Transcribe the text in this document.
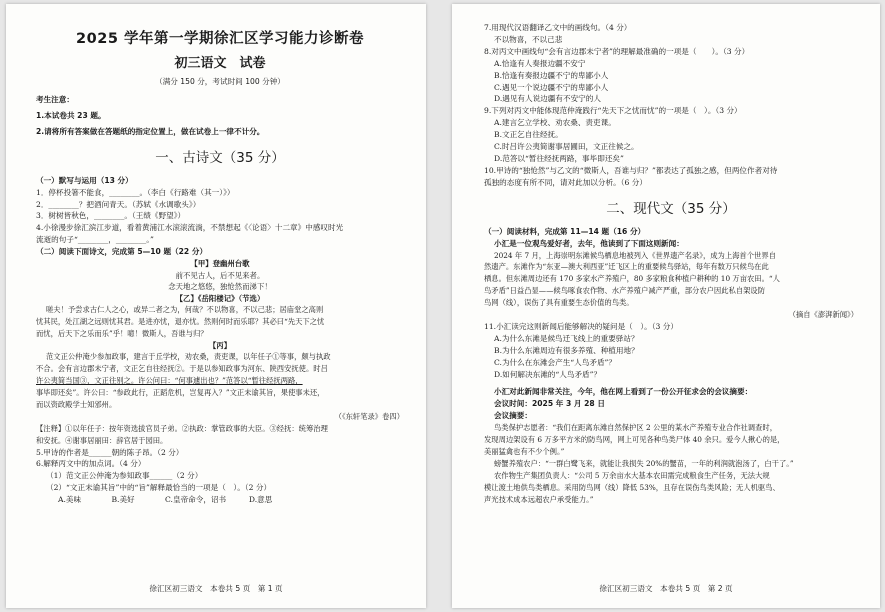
2025 学年第一学期徐汇区学习能力诊断卷
初三语文　试卷
（满分 150 分，考试时间 100 分钟）
考生注意：
1.本试卷共 23 题。
2.请将所有答案做在答题纸的指定位置上，做在试卷上一律不计分。
一、古诗文（35 分）
（一）默写与运用（13 分）
1．停杯投箸不能食，________。（李白《行路难（其一）》）
2．________？把酒问青天。（苏轼《水调歌头》）
3．树树皆秋色，________。（王绩《野望》）
4.小徐漫步徐汇滨江步道，看着黄浦江水滚滚流淌，不禁想起《〈论语〉十二章》中感叹时光
流逝的句子“________，________。”
（二）阅读下面诗文，完成第 5—10 题（22 分）
【甲】登幽州台歌
前不见古人，后不见来者。
念天地之悠悠，独怆然而涕下！
【乙】《岳阳楼记》（节选）
嗟夫！予尝求古仁人之心，或异二者之为，何哉？不以物喜，不以己悲；居庙堂之高则
忧其民，处江湖之远则忧其君。是进亦忧，退亦忧。然则何时而乐耶？其必曰“先天下之忧
而忧，后天下之乐而乐”乎！噫！微斯人，吾谁与归？
【丙】
范文正公仲淹少参加政事，建言于丘学校，劝农桑，责吏课，以年任子①等事，颇与执政
不合。会有言边郡未宁者，文正乞自往经抚②。于是以参知政事为河东、陕西安抚使。时吕
许公夷简当国③，文正往别之。许公问曰：“何事遽出也？”范答以“暂往经抚两路，
事毕即还矣”。许公曰：“参政此行，正蹈危机，岂复再入？”文正未谕其旨，果使事未还，
而以资政殿学士知邠州。
（《东轩笔录》卷四）
【注释】①以年任子：按年资选拔官员子弟。②执政：掌管政事的大臣。③经抚：统筹治理
和安抚。④谢事居丽田：辞官居于园田。
5.甲诗的作者是______朝的陈子昂。（2 分）
6.解释丙文中的加点词。（4 分）
（1）范文正公仲淹为参知政事______（2 分）
（2）“文正未谕其旨”中的“旨”解释最恰当的一项是（　）。（2 分）
A.美味　　　　B.美好　　　　C.皇帝命令，诏书　　　D.意思
徐汇区初三语文　本卷共 5 页　第 1 页
7.用现代汉语翻译乙文中的画线句。（4 分）
不以物喜，不以己悲
8.对丙文中画线句“会有言边郡未宁者”的理解最准确的一项是（　　）。（3 分）
A.恰逢有人奏报边疆不安宁
B.恰逢有奏报边疆不宁的卑鄙小人
C.遇见一个说边疆不宁的卑鄙小人
D.遇见有人说边疆有不安宁的人
9.下列对丙文中能体现范仲淹践行“先天下之忧而忧”的一项是（　）。（3 分）
A.建言乞立学校、劝农桑、责吏课。
B.文正乞自往经抚。
C.时吕许公夷简谢事居圃田，文正往候之。
D.范答以“暂往经抚两路，事毕即还矣”
10.甲诗的“独怆然”与乙文的“微斯人，吾谁与归？”都表达了孤独之感，但两位作者对待
孤独的态度有所不同，请对此加以分析。（6 分）
二、现代文（35 分）
（一）阅读材料，完成第 11—14 题（16 分）
小汇是一位观鸟爱好者，去年，他读到了下面这则新闻：
2024 年 7 月，上海崇明东滩候鸟栖息地被列入《世界遗产名录》，成为上海首个世界自
然遗产。东滩作为“东亚—澳大利西亚”迁飞区上的重要候鸟驿站，每年有数万只候鸟在此
栖息。但东滩周边还有 170 多家水产养殖户，80 多家粮食种植户耕种的 10 万亩农田。“人
鸟矛盾”日益凸显——候鸟啄食农作物、水产养殖户减产严重，部分农户因此私自架设防
鸟网（线），误伤了具有重要生态价值的鸟类。
（摘自《澎湃新闻》）
11.小汇读完这则新闻后能够解决的疑问是（　）。（3 分）
A.为什么东滩是候鸟迁飞线上的重要驿站？
B.为什么东滩周边有很多养殖、种植用地？
C.为什么在东滩会产生“人鸟矛盾”？
D.如何解决东滩的“人鸟矛盾”？
小汇对此新闻非常关注，今年，他在网上看到了一份公开征求会的会议摘要：
会议时间：2025 年 3 月 28 日
会议摘要：
鸟类保护志愿者：“我们在距离东滩自然保护区 2 公里的某水产养殖专业合作社调查时，
发现周边架设有 6 万多平方米的防鸟网，网上可见各种鸟类尸体 40 余只。爱今人揪心的是，
美丽猛禽也有不少个例。”
螃蟹养殖农户：“一群白鹭飞来，就能让我损失 20%的蟹苗，一年的利润就泡汤了，白干了。”
农作物生产集团负责人：“公司 5 万余亩水大基本农田需完成粮食生产任务，无法大规
模让渡土地供鸟类栖息。采用防鸟网（线）降低 53%，且存在误伤鸟类风险；无人机驱鸟、
声光技术成本远超农户承受能力。”
徐汇区初三语文　本卷共 5 页　第 2 页
